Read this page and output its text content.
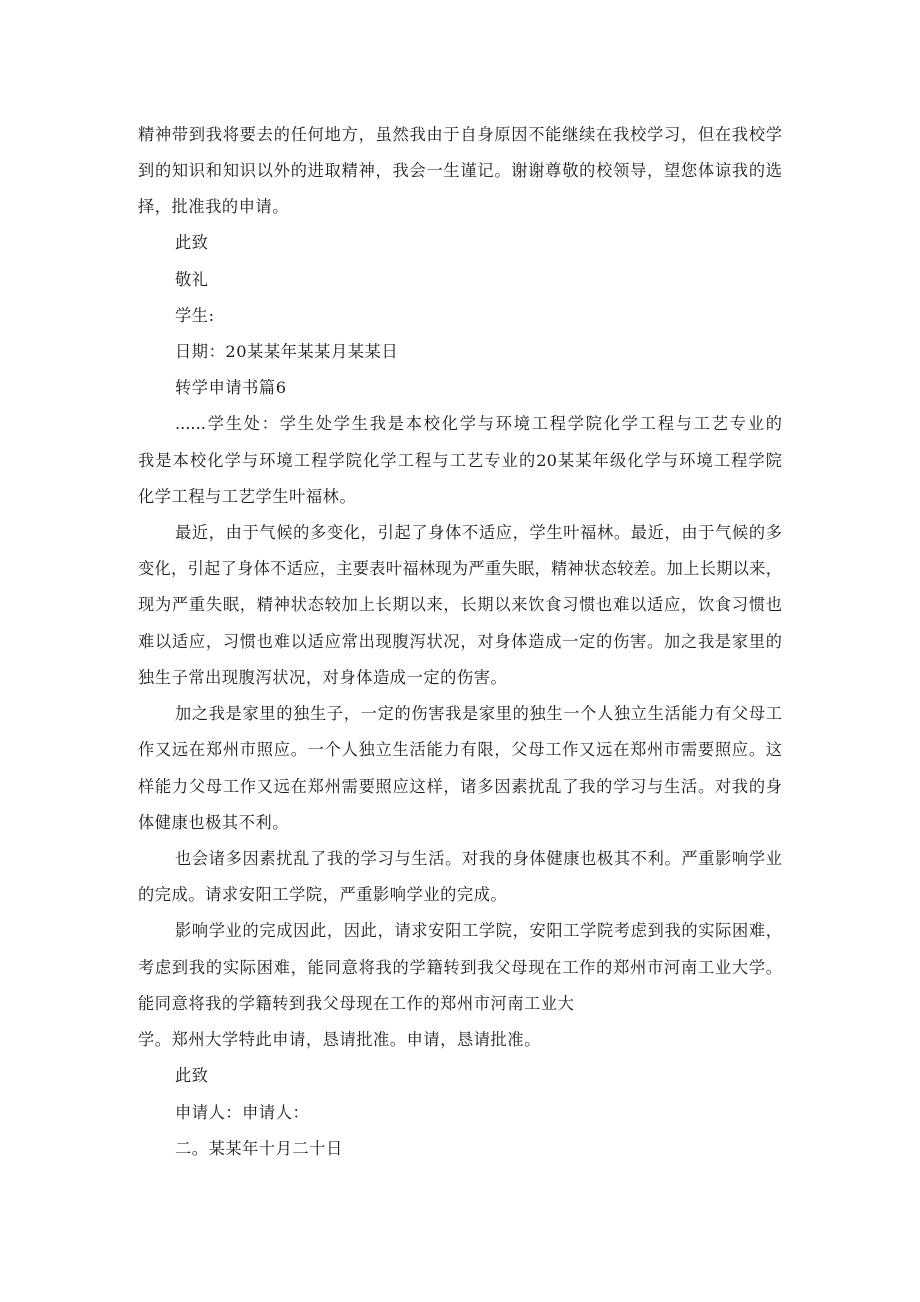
精神带到我将要去的任何地方，虽然我由于自身原因不能继续在我校学习，但在我校学
到的知识和知识以外的进取精神，我会一生谨记。谢谢尊敬的校领导，望您体谅我的选
择，批准我的申请。
此致
敬礼
学生:
日期：20某某年某某月某某日
转学申请书篇6
......学生处：学生处学生我是本校化学与环境工程学院化学工程与工艺专业的
我是本校化学与环境工程学院化学工程与工艺专业的20某某年级化学与环境工程学院
化学工程与工艺学生叶福林。
最近，由于气候的多变化，引起了身体不适应，学生叶福林。最近，由于气候的多
变化，引起了身体不适应，主要表叶福林现为严重失眠，精神状态较差。加上长期以来，
现为严重失眠，精神状态较加上长期以来，长期以来饮食习惯也难以适应，饮食习惯也
难以适应，习惯也难以适应常出现腹泻状况，对身体造成一定的伤害。加之我是家里的
独生子常出现腹泻状况，对身体造成一定的伤害。
加之我是家里的独生子，一定的伤害我是家里的独生一个人独立生活能力有父母工
作又远在郑州市照应。一个人独立生活能力有限，父母工作又远在郑州市需要照应。这
样能力父母工作又远在郑州需要照应这样，诸多因素扰乱了我的学习与生活。对我的身
体健康也极其不利。
也会诸多因素扰乱了我的学习与生活。对我的身体健康也极其不利。严重影响学业
的完成。请求安阳工学院，严重影响学业的完成。
影响学业的完成因此，因此，请求安阳工学院，安阳工学院考虑到我的实际困难，
考虑到我的实际困难，能同意将我的学籍转到我父母现在工作的郑州市河南工业大学。
能同意将我的学籍转到我父母现在工作的郑州市河南工业大
学。郑州大学特此申请，恳请批准。申请，恳请批准。
此致
申请人：申请人：
二。某某年十月二十日
